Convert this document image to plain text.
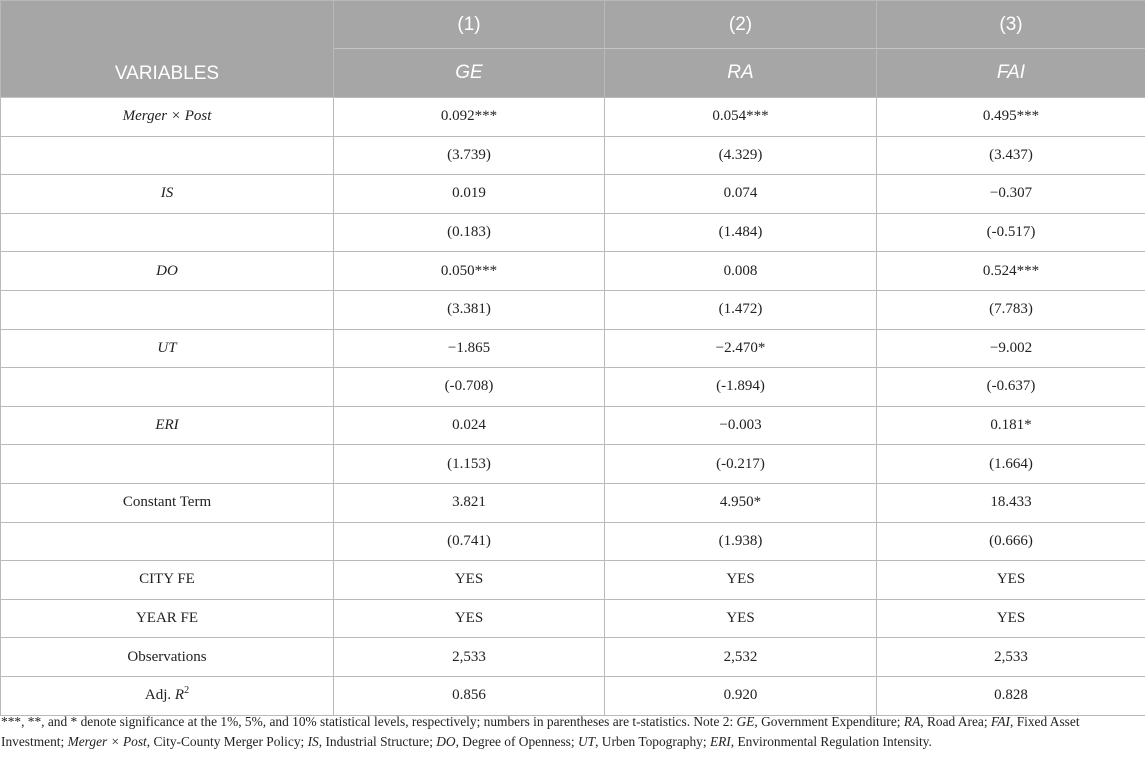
VARIABLES	(1)	(2)	(3)
	GE	RA	FAI
Merger × Post	0.092***	0.054***	0.495***
	(3.739)	(4.329)	(3.437)
IS	0.019	0.074	−0.307
	(0.183)	(1.484)	(-0.517)
DO	0.050***	0.008	0.524***
	(3.381)	(1.472)	(7.783)
UT	−1.865	−2.470*	−9.002
	(-0.708)	(-1.894)	(-0.637)
ERI	0.024	−0.003	0.181*
	(1.153)	(-0.217)	(1.664)
Constant Term	3.821	4.950*	18.433
	(0.741)	(1.938)	(0.666)
CITY FE	YES	YES	YES
YEAR FE	YES	YES	YES
Observations	2,533	2,532	2,533
Adj. $R^2$	0.856	0.920	0.828
***, **, and * denote significance at the 1%, 5%, and 10% statistical levels, respectively; numbers in parentheses are t-statistics. Note 2: GE, Government Expenditure; RA, Road Area; FAI, Fixed Asset Investment; Merger × Post, City-County Merger Policy; IS, Industrial Structure; DO, Degree of Openness; UT, Urben Topography; ERI, Environmental Regulation Intensity.
